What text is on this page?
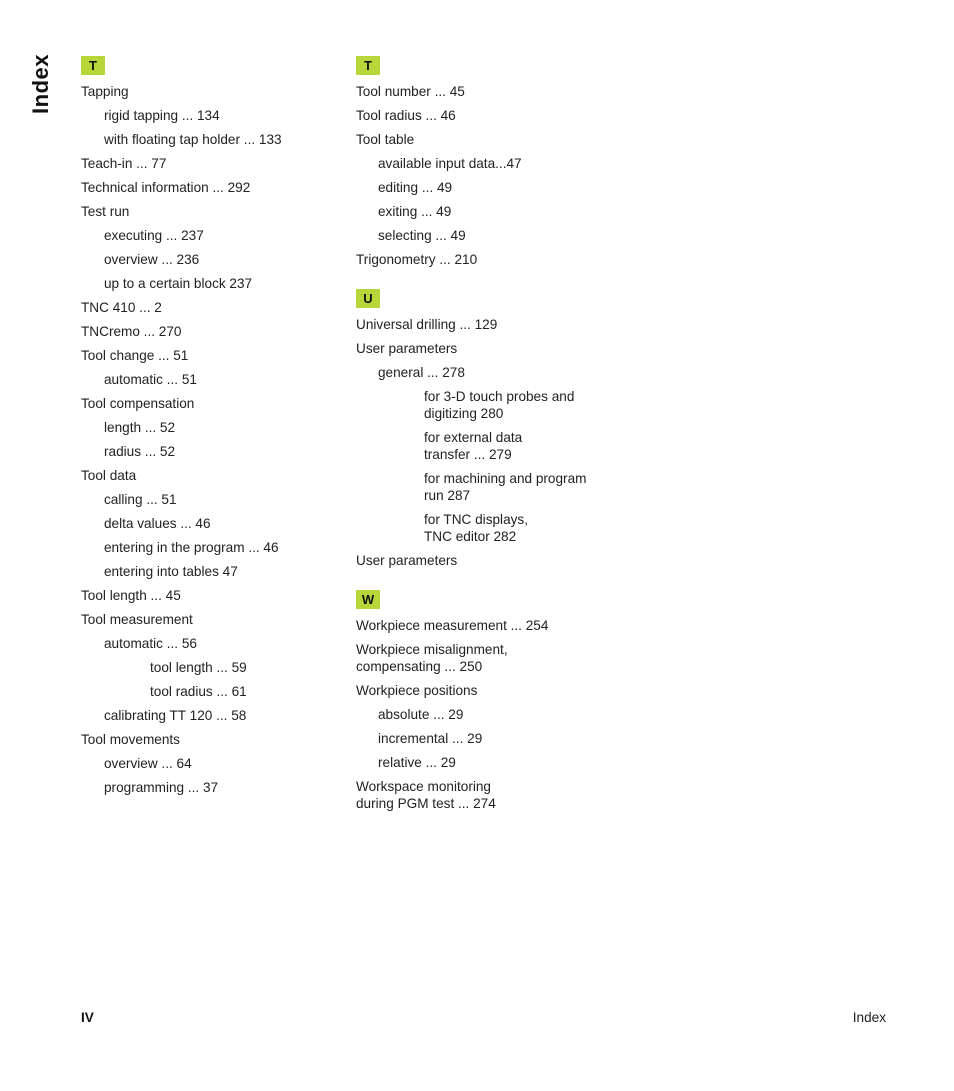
Index	T
Tapping
rigid tapping ... 134
with floating tap holder ... 133
Teach-in ... 77
Technical information ... 292
Test run
executing ... 237
overview ... 236
up to a certain block 237
TNC 410 ... 2
TNCremo ... 270
Tool change ... 51
automatic ... 51
Tool compensation
length ... 52
radius ... 52
Tool data
calling ... 51
delta values ... 46
entering in the program ... 46
entering into tables 47
Tool length ... 45
Tool measurement
automatic ... 56
tool length ... 59
tool radius ... 61
calibrating TT 120 ... 58
Tool movements
overview ... 64
programming ... 37
T
Tool number ... 45
Tool radius ... 46
Tool table
available input data...47
editing ... 49
exiting ... 49
selecting ... 49
Trigonometry ... 210
U
Universal drilling ... 129
User parameters
general ... 278
for 3-D touch probes and
digitizing 280
for external data
transfer ... 279
for machining and program
run 287
for TNC displays,
TNC editor 282
User parameters
W
Workpiece measurement ... 254
Workpiece misalignment,
compensating ... 250
Workpiece positions
absolute ... 29
incremental ... 29
relative ... 29
Workspace monitoring
during PGM test ... 274
IV	Index
